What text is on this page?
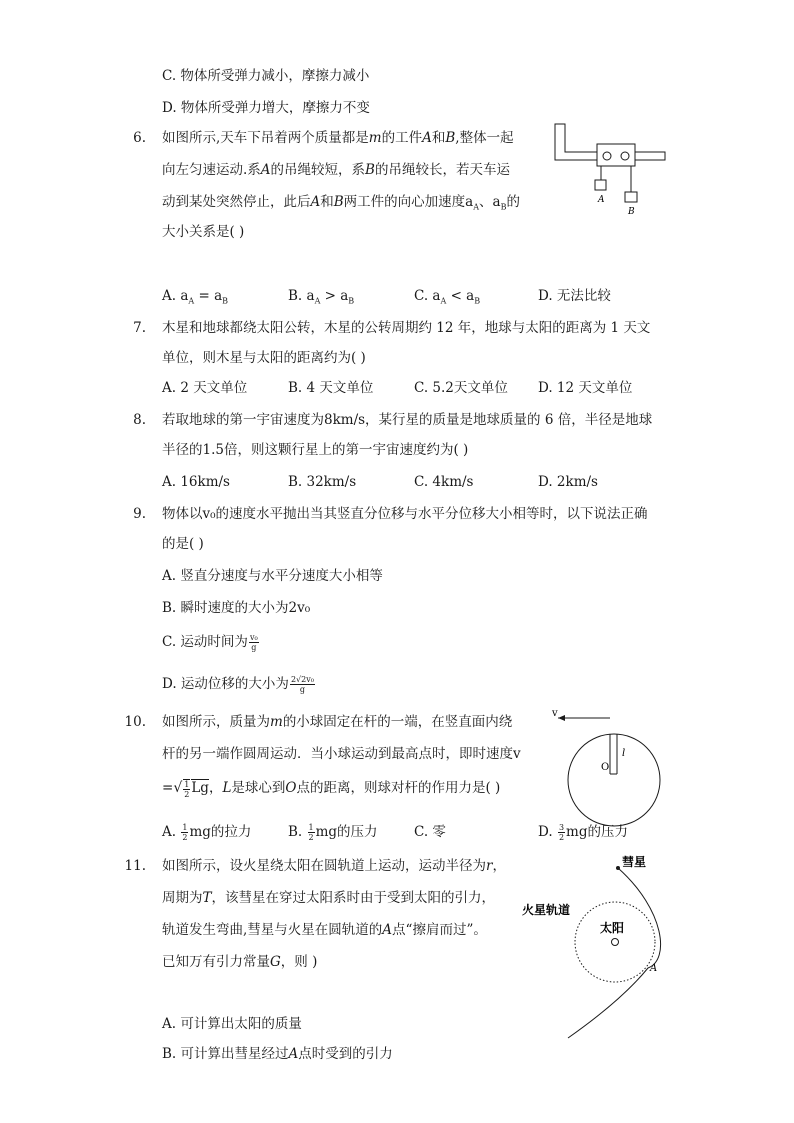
C. 物体所受弹力减小，摩擦力减小
D. 物体所受弹力增大，摩擦力不变
6. 如图所示,天车下吊着两个质量都是m的工件A和B,整体一起
向左匀速运动.系A的吊绳较短，系B的吊绳较长，若天车运
动到某处突然停止，此后A和B两工件的向心加速度$a_A$、$a_B$的
大小关系是( )
A
B
A. $a_A = a_B$	B. $a_A > a_B$	C. $a_A < a_B$	D. 无法比较
7. 木星和地球都绕太阳公转，木星的公转周期约 12 年，地球与太阳的距离为 1 天文
单位，则木星与太阳的距离约为( )
A. 2 天文单位	B. 4 天文单位	C. 5.2天文单位 D. 12 天文单位
8. 若取地球的第一宇宙速度为8km/s，某行星的质量是地球质量的 6 倍，半径是地球
半径的1.5倍，则这颗行星上的第一宇宙速度约为( )
A. 16km/s	B. 32km/s	C. 4km/s	D. 2km/s
9. 物体以v₀的速度水平抛出当其竖直分位移与水平分位移大小相等时，以下说法正确
的是( )
A. 竖直分速度与水平分速度大小相等
B. 瞬时速度的大小为2v₀
C. 运动时间为 $\frac{\text{v₀}}{g}$
D. 运动位移的大小为 $\frac{\text{2√2v₀}}{g}$
10. 如图所示，质量为m的小球固定在杆的一端，在竖直面内绕
杆的另一端作圆周运动．当小球运动到最高点时，即时速度v
=√ $\frac{1}{2}$ Lg，L是球心到O点的距离，则球对杆的作用力是( )
v
l
O
A. $\frac{1}{2}$ mg的拉力	B. $\frac{1}{2}$ mg的压力	C. 零	D. $\frac{3}{2}$ mg的压力
11. 如图所示，设火星绕太阳在圆轨道上运动，运动半径为r，
周期为T，该彗星在穿过太阳系时由于受到太阳的引力，
轨道发生弯曲,彗星与火星在圆轨道的A点“擦肩而过”。
已知万有引力常量G，则 )
彗星
火星轨道
太阳
A
A. 可计算出太阳的质量
B. 可计算出彗星经过A点时受到的引力
